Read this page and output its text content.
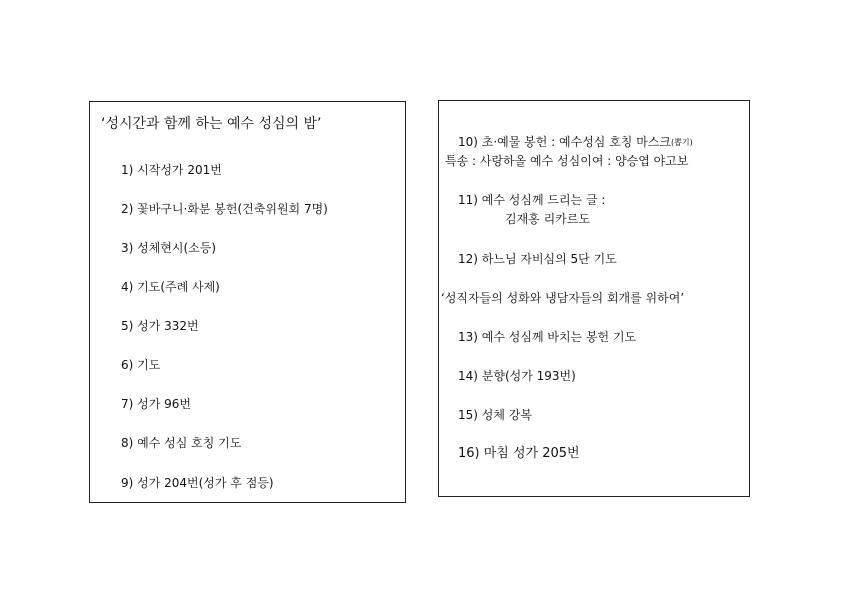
‘성시간과 함께 하는 예수 성심의 밤’
1) 시작성가 201번
2) 꽃바구니·화분 봉헌(건축위원회 7명)
3) 성체현시(소등)
4) 기도(주례 사제)
5) 성가 332번
6) 기도
7) 성가 96번
8) 예수 성심 호칭 기도
9) 성가 204번(성가 후 점등)
10) 초·예물 봉헌 : 예수성심 호칭 마스크(뽑기)
특송 : 사랑하올 예수 성심이여 : 양승엽 야고보
11) 예수 성심께 드리는 글 :
김재홍 리카르도
12) 하느님 자비심의 5단 기도
‘성직자들의 성화와 냉담자들의 회개를 위하여’
13) 예수 성심께 바치는 봉헌 기도
14) 분향(성가 193번)
15) 성체 강복
16) 마침 성가 205번
